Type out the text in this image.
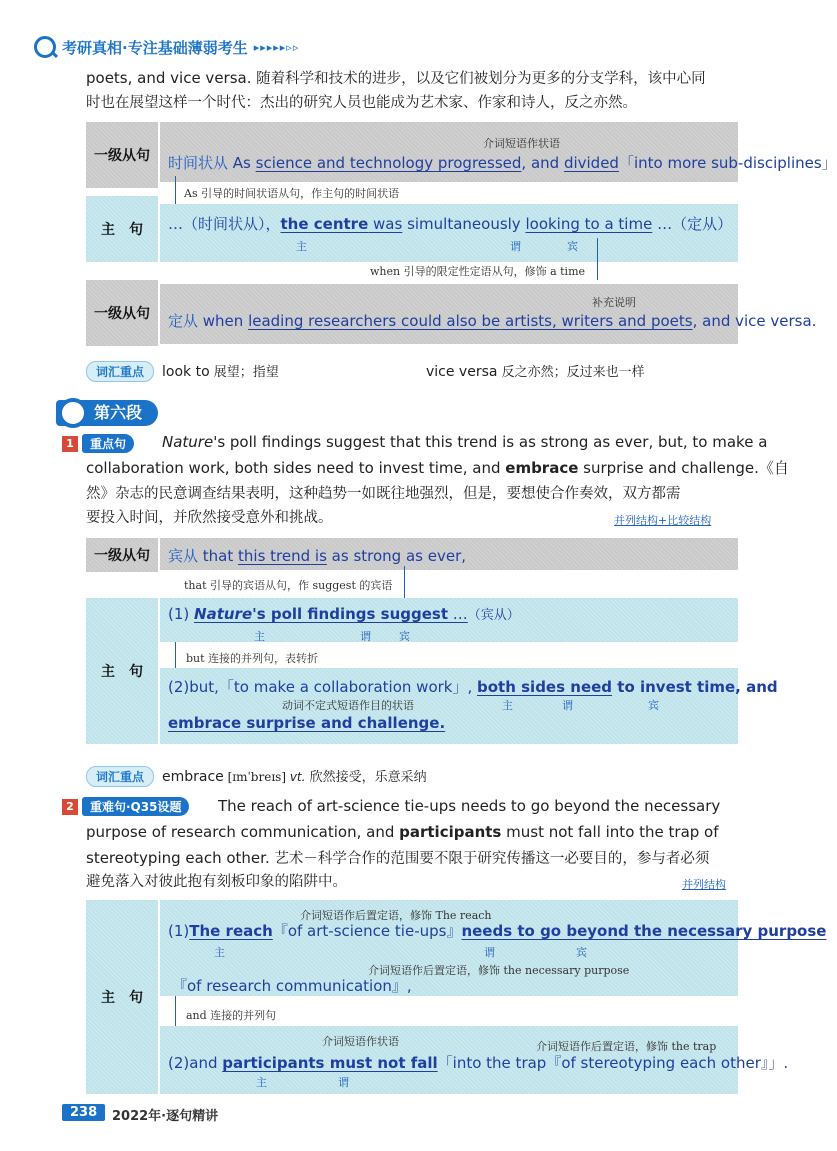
考研真相·专注基础薄弱考生 ▸▸▸▸▸▹▹
poets, and vice versa. 随着科学和技术的进步，以及它们被划分为更多的分支学科，该中心同
时也在展望这样一个时代：杰出的研究人员也能成为艺术家、作家和诗人，反之亦然。
一级从句
介词短语作状语
时间状从 As science and technology progressed, and divided「into more sub-disciplines」
As 引导的时间状语从句，作主句的时间状语
主　句	…（时间状从），the centre was simultaneously looking to a time …（定从）
主	谓	宾
when 引导的限定性定语从句，修饰 a time
一级从句
补充说明
定从 when leading researchers could also be artists, writers and poets, and vice versa.
词汇重点	look to 展望；指望	vice versa 反之亦然；反过来也一样
第六段
1	重点句	Nature's poll findings suggest that this trend is as strong as ever, but, to make a
collaboration work, both sides need to invest time, and embrace surprise and challenge.《自
然》杂志的民意调查结果表明，这种趋势一如既往地强烈，但是，要想使合作奏效，双方都需
要投入时间，并欣然接受意外和挑战。	并列结构+比较结构
一级从句	宾从 that this trend is as strong as ever,
that 引导的宾语从句，作 suggest 的宾语
主　句
(1) Nature's poll findings suggest …（宾从）
主	谓	宾
but 连接的并列句，表转折
(2)but,「to make a collaboration work」, both sides need to invest time, and
动词不定式短语作目的状语	主	谓	宾
embrace surprise and challenge.
词汇重点	embrace [ɪmˈbreɪs] vt. 欣然接受，乐意采纳
2	重难句·Q35设题	The reach of art-science tie-ups needs to go beyond the necessary
purpose of research communication, and participants must not fall into the trap of
stereotyping each other. 艺术－科学合作的范围要不限于研究传播这一必要目的，参与者必须
避免落入对彼此抱有刻板印象的陷阱中。	并列结构
主　句
介词短语作后置定语，修饰 The reach
(1)The reach『of art-science tie-ups』needs to go beyond the necessary purpose
主	谓	宾
介词短语作后置定语，修饰 the necessary purpose
『of research communication』,
and 连接的并列句
介词短语作状语	介词短语作后置定语，修饰 the trap
(2)and participants must not fall「into the trap『of stereotyping each other』」.
主	谓
238	2022年·逐句精讲
